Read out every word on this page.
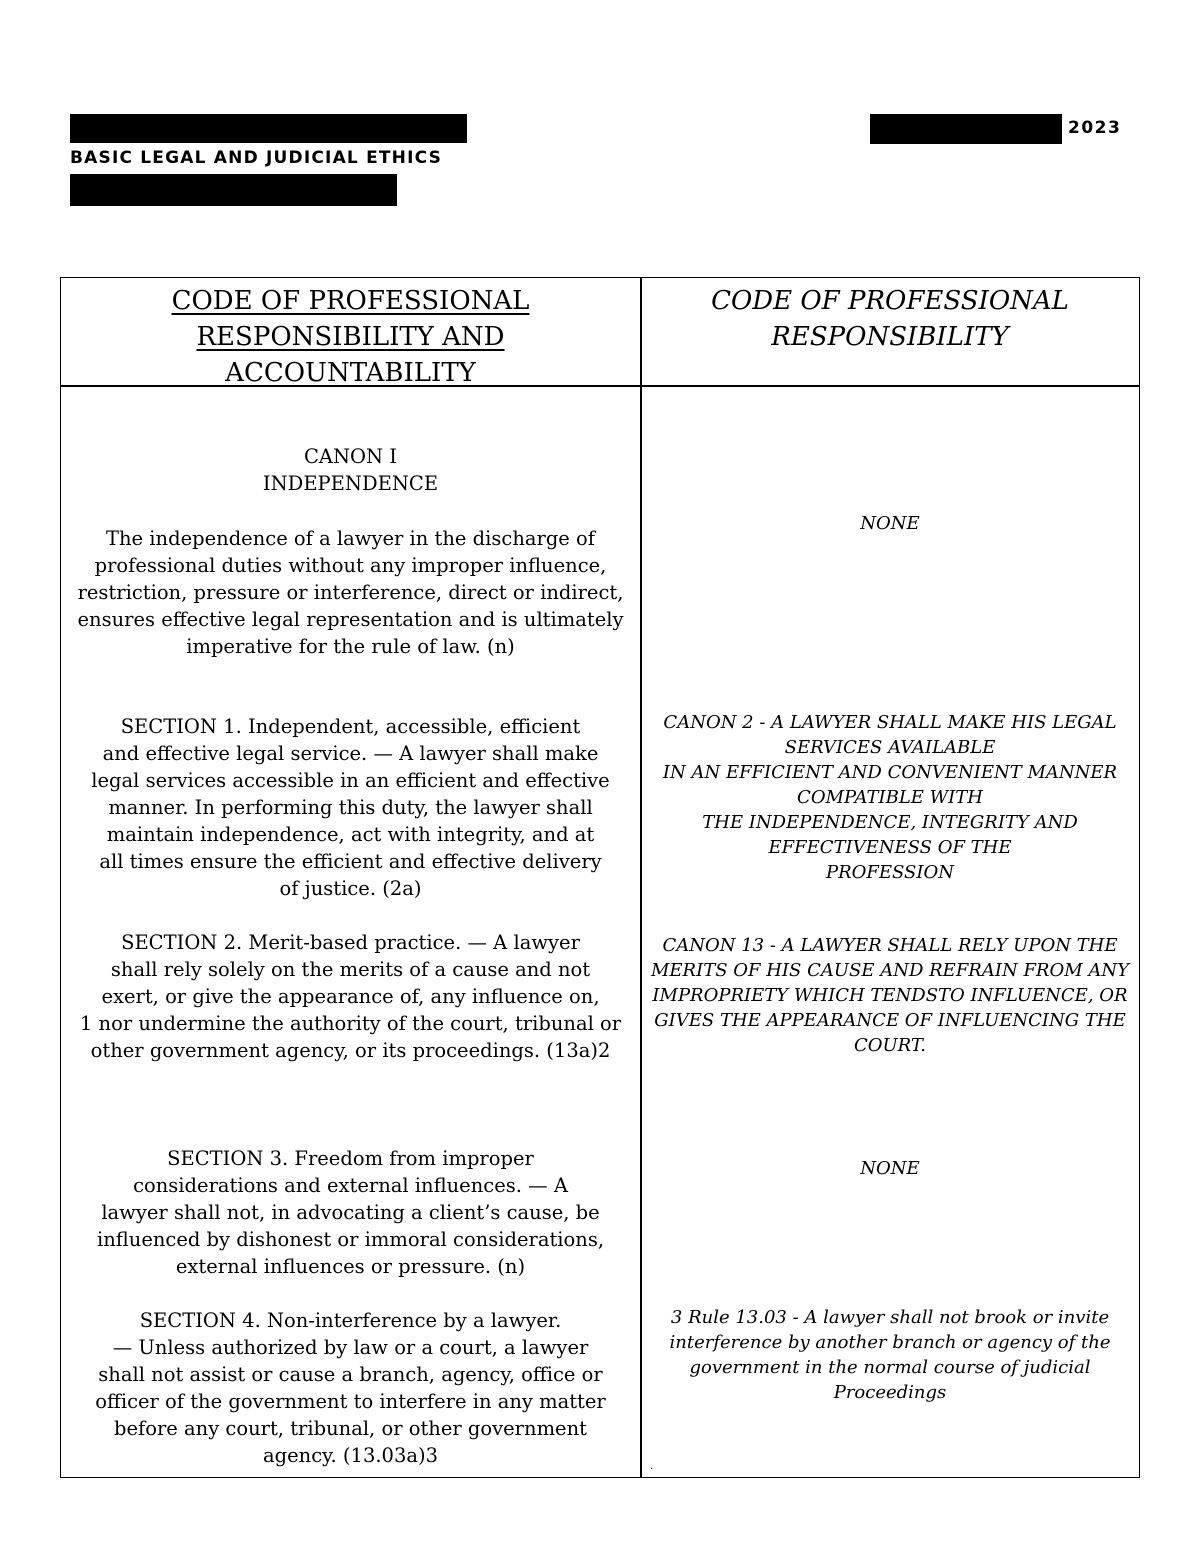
BASIC LEGAL AND JUDICIAL ETHICS
2023
CODE OF PROFESSIONAL
RESPONSIBILITY AND
ACCOUNTABILITY
CODE OF PROFESSIONAL
RESPONSIBILITY
CANON I
INDEPENDENCE
The independence of a lawyer in the discharge of
professional duties without any improper influence,
restriction, pressure or interference, direct or indirect,
ensures effective legal representation and is ultimately
imperative for the rule of law. (n)
NONE
SECTION 1. Independent, accessible, efficient
and effective legal service. — A lawyer shall make
legal services accessible in an efficient and effective
manner. In performing this duty, the lawyer shall
maintain independence, act with integrity, and at
all times ensure the efficient and effective delivery
of justice. (2a)
CANON 2 - A LAWYER SHALL MAKE HIS LEGAL
SERVICES AVAILABLE
IN AN EFFICIENT AND CONVENIENT MANNER
COMPATIBLE WITH
THE INDEPENDENCE, INTEGRITY AND
EFFECTIVENESS OF THE
PROFESSION
SECTION 2. Merit-based practice. — A lawyer
shall rely solely on the merits of a cause and not
exert, or give the appearance of, any influence on,
1 nor undermine the authority of the court, tribunal or
other government agency, or its proceedings. (13a)2
CANON 13 - A LAWYER SHALL RELY UPON THE
MERITS OF HIS CAUSE AND REFRAIN FROM ANY
IMPROPRIETY WHICH TENDSTO INFLUENCE, OR
GIVES THE APPEARANCE OF INFLUENCING THE
COURT.
SECTION 3. Freedom from improper
considerations and external influences. — A
lawyer shall not, in advocating a client’s cause, be
influenced by dishonest or immoral considerations,
external influences or pressure. (n)
NONE
SECTION 4. Non-interference by a lawyer.
— Unless authorized by law or a court, a lawyer
shall not assist or cause a branch, agency, office or
officer of the government to interfere in any matter
before any court, tribunal, or other government
agency. (13.03a)3
3 Rule 13.03 - A lawyer shall not brook or invite
interference by another branch or agency of the
government in the normal course of judicial
Proceedings
.
